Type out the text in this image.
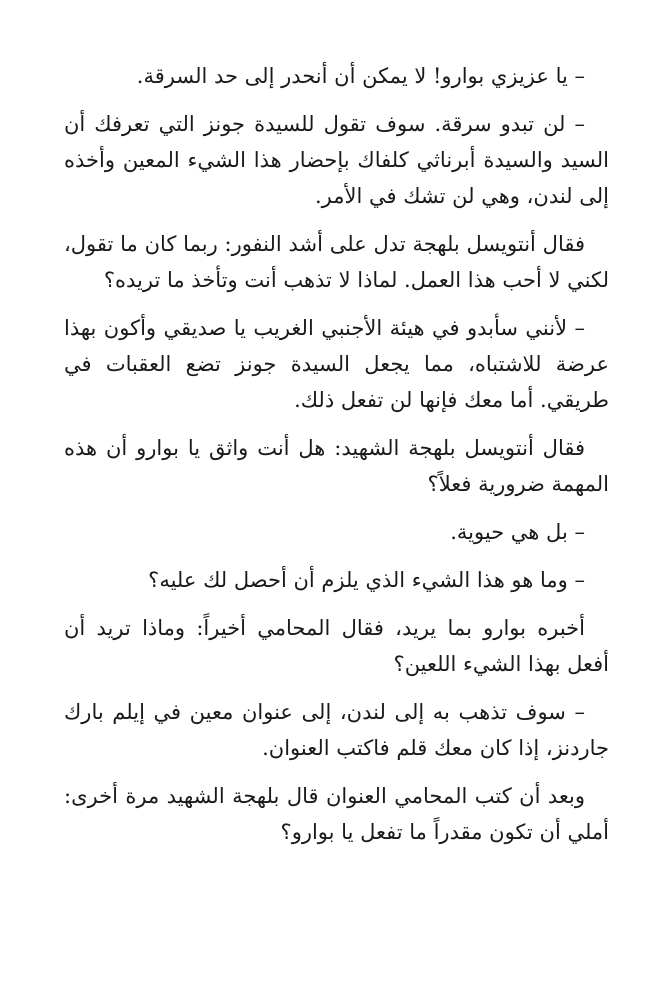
– يا عزيزي بوارو! لا يمكن أن أنحدر إلى حد السرقة.

– لن تبدو سرقة. سوف تقول للسيدة جونز التي تعرفك أن السيد والسيدة أبرناثي كلفاك بإحضار هذا الشيء المعين وأخذه إلى لندن، وهي لن تشك في الأمر.

فقال أنتويسل بلهجة تدل على أشد النفور: ربما كان ما تقول، لكني لا أحب هذا العمل. لماذا لا تذهب أنت وتأخذ ما تريده؟

– لأنني سأبدو في هيئة الأجنبي الغريب يا صديقي وأكون بهذا عرضة للاشتباه، مما يجعل السيدة جونز تضع العقبات في طريقي. أما معك فإنها لن تفعل ذلك.

فقال أنتويسل بلهجة الشهيد: هل أنت واثق يا بوارو أن هذه المهمة ضرورية فعلاً؟

– بل هي حيوية.

– وما هو هذا الشيء الذي يلزم أن أحصل لك عليه؟

أخبره بوارو بما يريد، فقال المحامي أخيراً: وماذا تريد أن أفعل بهذا الشيء اللعين؟

– سوف تذهب به إلى لندن، إلى عنوان معين في إيلم بارك جاردنز، إذا كان معك قلم فاكتب العنوان.

وبعد أن كتب المحامي العنوان قال بلهجة الشهيد مرة أخرى: أملي أن تكون مقدراً ما تفعل يا بوارو؟
